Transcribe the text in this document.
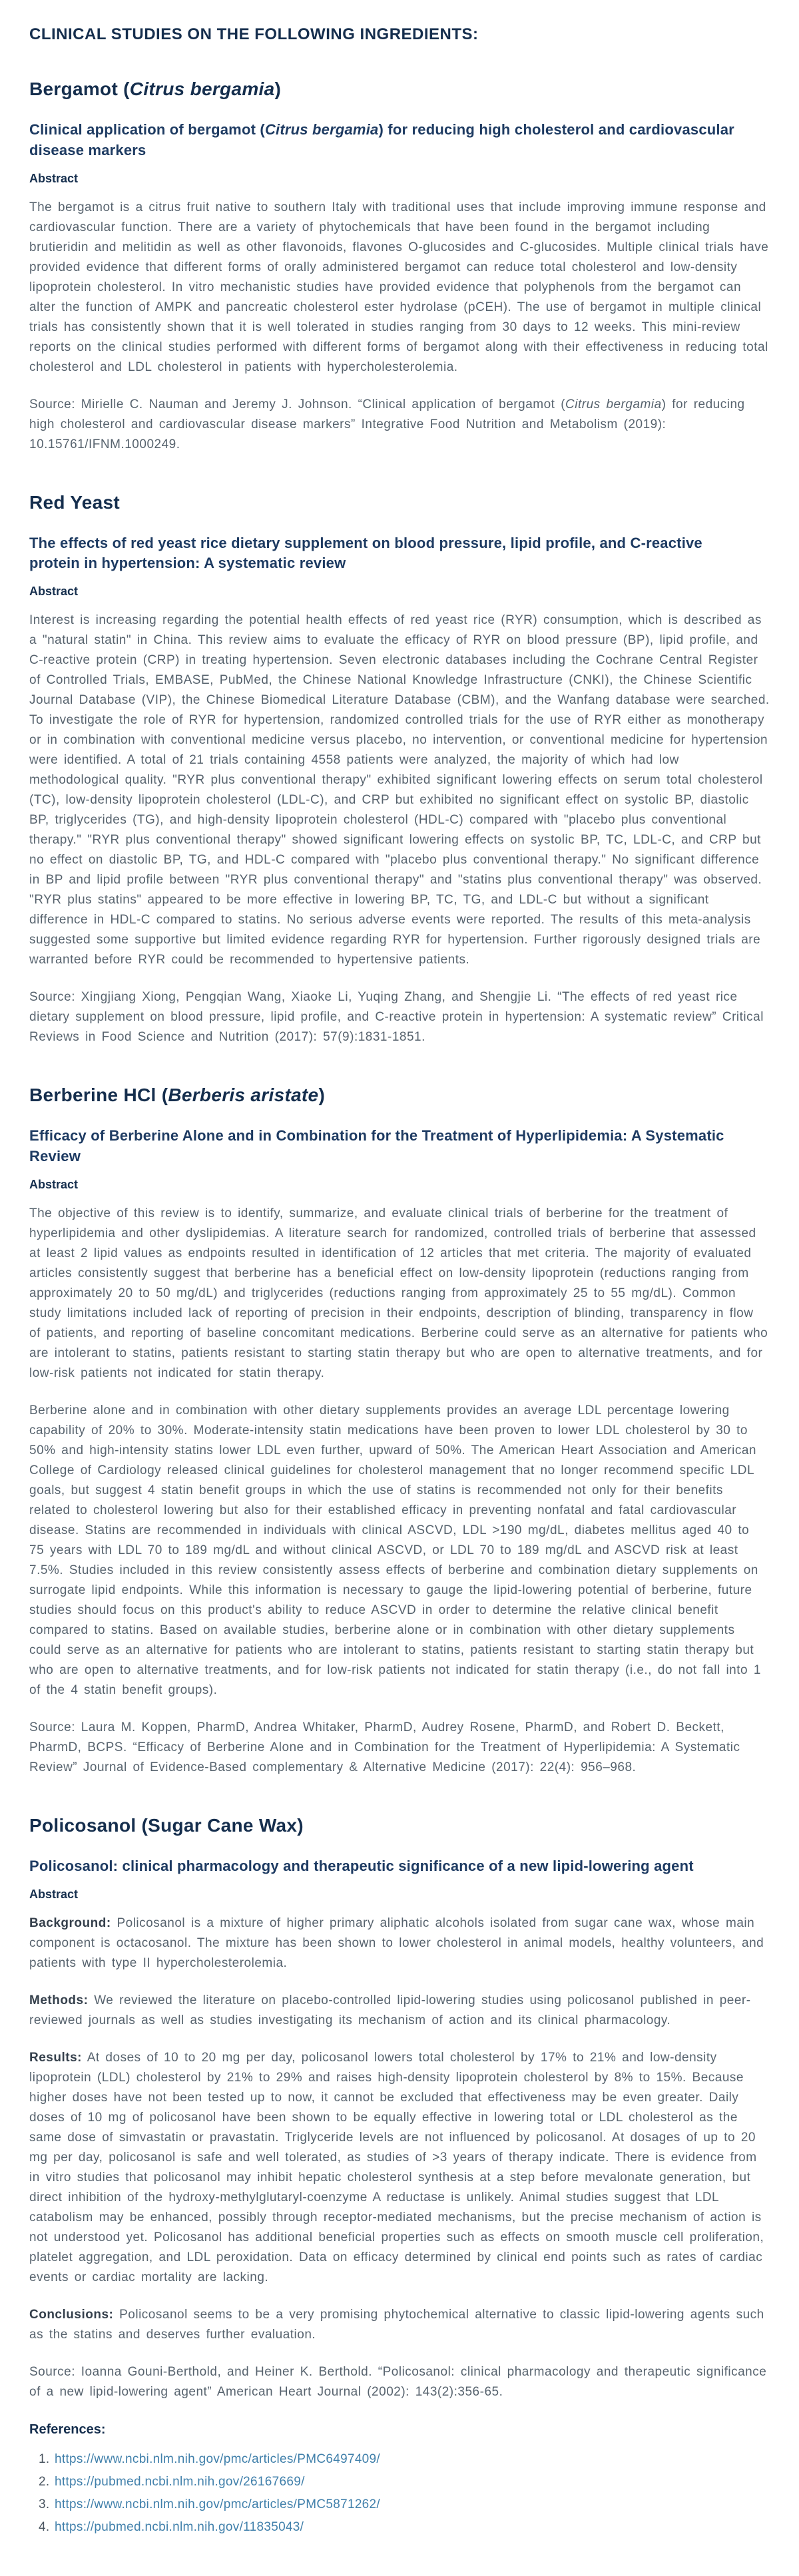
CLINICAL STUDIES ON THE FOLLOWING INGREDIENTS:
Bergamot (Citrus bergamia)
Clinical application of bergamot (Citrus bergamia) for reducing high cholesterol and cardiovascular disease markers
Abstract

The bergamot is a citrus fruit native to southern Italy with traditional uses that include improving immune response and cardiovascular function. There are a variety of phytochemicals that have been found in the bergamot including brutieridin and melitidin as well as other flavonoids, flavones O-glucosides and C-glucosides. Multiple clinical trials have provided evidence that different forms of orally administered bergamot can reduce total cholesterol and low-density lipoprotein cholesterol. In vitro mechanistic studies have provided evidence that polyphenols from the bergamot can alter the function of AMPK and pancreatic cholesterol ester hydrolase (pCEH). The use of bergamot in multiple clinical trials has consistently shown that it is well tolerated in studies ranging from 30 days to 12 weeks. This mini-review reports on the clinical studies performed with different forms of bergamot along with their effectiveness in reducing total cholesterol and LDL cholesterol in patients with hypercholesterolemia.

Source: Mirielle C. Nauman and Jeremy J. Johnson. “Clinical application of bergamot (Citrus bergamia) for reducing high cholesterol and cardiovascular disease markers” Integrative Food Nutrition and Metabolism (2019): 10.15761/IFNM.1000249.

Red Yeast
The effects of red yeast rice dietary supplement on blood pressure, lipid profile, and C-reactive protein in hypertension: A systematic review
Abstract

Interest is increasing regarding the potential health effects of red yeast rice (RYR) consumption, which is described as a "natural statin" in China. This review aims to evaluate the efficacy of RYR on blood pressure (BP), lipid profile, and C-reactive protein (CRP) in treating hypertension. Seven electronic databases including the Cochrane Central Register of Controlled Trials, EMBASE, PubMed, the Chinese National Knowledge Infrastructure (CNKI), the Chinese Scientific Journal Database (VIP), the Chinese Biomedical Literature Database (CBM), and the Wanfang database were searched. To investigate the role of RYR for hypertension, randomized controlled trials for the use of RYR either as monotherapy or in combination with conventional medicine versus placebo, no intervention, or conventional medicine for hypertension were identified. A total of 21 trials containing 4558 patients were analyzed, the majority of which had low methodological quality. "RYR plus conventional therapy" exhibited significant lowering effects on serum total cholesterol (TC), low-density lipoprotein cholesterol (LDL-C), and CRP but exhibited no significant effect on systolic BP, diastolic BP, triglycerides (TG), and high-density lipoprotein cholesterol (HDL-C) compared with "placebo plus conventional therapy." "RYR plus conventional therapy" showed significant lowering effects on systolic BP, TC, LDL-C, and CRP but no effect on diastolic BP, TG, and HDL-C compared with "placebo plus conventional therapy." No significant difference in BP and lipid profile between "RYR plus conventional therapy" and "statins plus conventional therapy" was observed. "RYR plus statins" appeared to be more effective in lowering BP, TC, TG, and LDL-C but without a significant difference in HDL-C compared to statins. No serious adverse events were reported. The results of this meta-analysis suggested some supportive but limited evidence regarding RYR for hypertension. Further rigorously designed trials are warranted before RYR could be recommended to hypertensive patients.

Source: Xingjiang Xiong, Pengqian Wang, Xiaoke Li, Yuqing Zhang, and Shengjie Li. “The effects of red yeast rice dietary supplement on blood pressure, lipid profile, and C-reactive protein in hypertension: A systematic review” Critical Reviews in Food Science and Nutrition (2017): 57(9):1831-1851.

Berberine HCl (Berberis aristate)
Efficacy of Berberine Alone and in Combination for the Treatment of Hyperlipidemia: A Systematic Review
Abstract

The objective of this review is to identify, summarize, and evaluate clinical trials of berberine for the treatment of hyperlipidemia and other dyslipidemias. A literature search for randomized, controlled trials of berberine that assessed at least 2 lipid values as endpoints resulted in identification of 12 articles that met criteria. The majority of evaluated articles consistently suggest that berberine has a beneficial effect on low-density lipoprotein (reductions ranging from approximately 20 to 50 mg/dL) and triglycerides (reductions ranging from approximately 25 to 55 mg/dL). Common study limitations included lack of reporting of precision in their endpoints, description of blinding, transparency in flow of patients, and reporting of baseline concomitant medications. Berberine could serve as an alternative for patients who are intolerant to statins, patients resistant to starting statin therapy but who are open to alternative treatments, and for low-risk patients not indicated for statin therapy.

Berberine alone and in combination with other dietary supplements provides an average LDL percentage lowering capability of 20% to 30%. Moderate-intensity statin medications have been proven to lower LDL cholesterol by 30 to 50% and high-intensity statins lower LDL even further, upward of 50%. The American Heart Association and American College of Cardiology released clinical guidelines for cholesterol management that no longer recommend specific LDL goals, but suggest 4 statin benefit groups in which the use of statins is recommended not only for their benefits related to cholesterol lowering but also for their established efficacy in preventing nonfatal and fatal cardiovascular disease. Statins are recommended in individuals with clinical ASCVD, LDL >190 mg/dL, diabetes mellitus aged 40 to 75 years with LDL 70 to 189 mg/dL and without clinical ASCVD, or LDL 70 to 189 mg/dL and ASCVD risk at least 7.5%. Studies included in this review consistently assess effects of berberine and combination dietary supplements on surrogate lipid endpoints. While this information is necessary to gauge the lipid-lowering potential of berberine, future studies should focus on this product's ability to reduce ASCVD in order to determine the relative clinical benefit compared to statins. Based on available studies, berberine alone or in combination with other dietary supplements could serve as an alternative for patients who are intolerant to statins, patients resistant to starting statin therapy but who are open to alternative treatments, and for low-risk patients not indicated for statin therapy (i.e., do not fall into 1 of the 4 statin benefit groups).

Source: Laura M. Koppen, PharmD, Andrea Whitaker, PharmD, Audrey Rosene, PharmD, and Robert D. Beckett, PharmD, BCPS. “Efficacy of Berberine Alone and in Combination for the Treatment of Hyperlipidemia: A Systematic Review” Journal of Evidence-Based complementary & Alternative Medicine (2017): 22(4): 956–968.

Policosanol (Sugar Cane Wax)
Policosanol: clinical pharmacology and therapeutic significance of a new lipid-lowering agent
Abstract

Background: Policosanol is a mixture of higher primary aliphatic alcohols isolated from sugar cane wax, whose main component is octacosanol. The mixture has been shown to lower cholesterol in animal models, healthy volunteers, and patients with type II hypercholesterolemia.

Methods: We reviewed the literature on placebo-controlled lipid-lowering studies using policosanol published in peer-reviewed journals as well as studies investigating its mechanism of action and its clinical pharmacology.

Results: At doses of 10 to 20 mg per day, policosanol lowers total cholesterol by 17% to 21% and low-density lipoprotein (LDL) cholesterol by 21% to 29% and raises high-density lipoprotein cholesterol by 8% to 15%. Because higher doses have not been tested up to now, it cannot be excluded that effectiveness may be even greater. Daily doses of 10 mg of policosanol have been shown to be equally effective in lowering total or LDL cholesterol as the same dose of simvastatin or pravastatin. Triglyceride levels are not influenced by policosanol. At dosages of up to 20 mg per day, policosanol is safe and well tolerated, as studies of >3 years of therapy indicate. There is evidence from in vitro studies that policosanol may inhibit hepatic cholesterol synthesis at a step before mevalonate generation, but direct inhibition of the hydroxy-methylglutaryl-coenzyme A reductase is unlikely. Animal studies suggest that LDL catabolism may be enhanced, possibly through receptor-mediated mechanisms, but the precise mechanism of action is not understood yet. Policosanol has additional beneficial properties such as effects on smooth muscle cell proliferation, platelet aggregation, and LDL peroxidation. Data on efficacy determined by clinical end points such as rates of cardiac events or cardiac mortality are lacking.

Conclusions: Policosanol seems to be a very promising phytochemical alternative to classic lipid-lowering agents such as the statins and deserves further evaluation.

Source: Ioanna Gouni-Berthold, and Heiner K. Berthold. “Policosanol: clinical pharmacology and therapeutic significance of a new lipid-lowering agent” American Heart Journal (2002): 143(2):356-65.

References:
1. https://www.ncbi.nlm.nih.gov/pmc/articles/PMC6497409/
2. https://pubmed.ncbi.nlm.nih.gov/26167669/
3. https://www.ncbi.nlm.nih.gov/pmc/articles/PMC5871262/
4. https://pubmed.ncbi.nlm.nih.gov/11835043/
